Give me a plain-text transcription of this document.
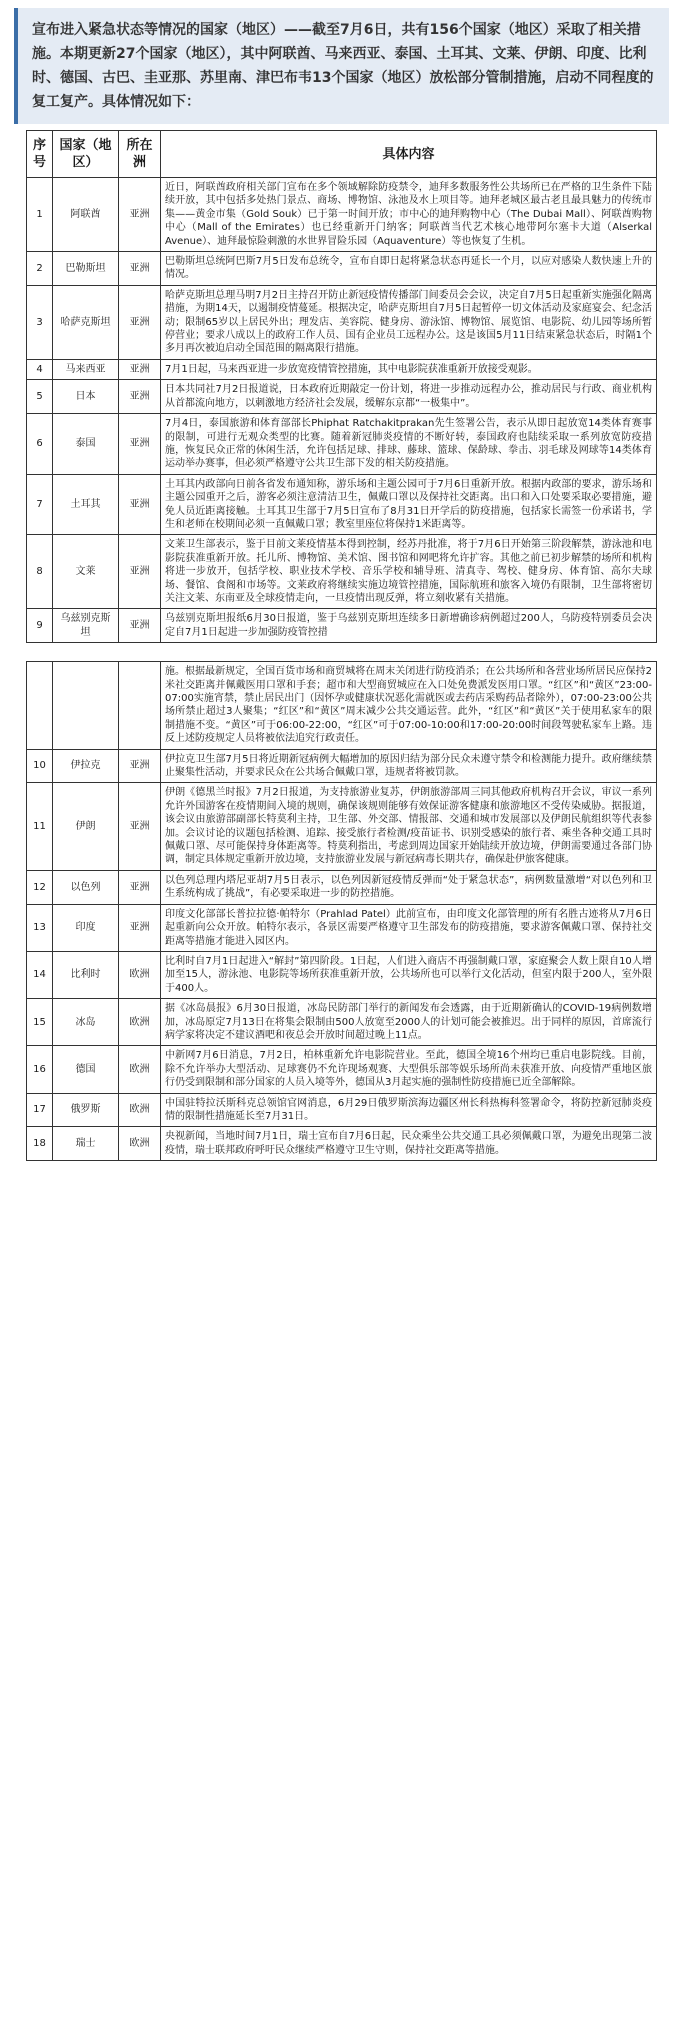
宣布进入紧急状态等情况的国家（地区）——截至7月6日，共有156个国家（地区）采取了相关措施。本期更新27个国家（地区），其中阿联酋、马来西亚、泰国、土耳其、文莱、伊朗、印度、比利时、德国、古巴、圭亚那、苏里南、津巴布韦13个国家（地区）放松部分管制措施，启动不同程度的复工复产。具体情况如下：
序号	国家（地区）	所在洲	具体内容
1	阿联酋	亚洲	近日，阿联酋政府相关部门宣布在多个领域解除防疫禁令，迪拜多数服务性公共场所已在严格的卫生条件下陆续开放，其中包括多处热门景点、商场、博物馆、泳池及水上项目等。迪拜老城区最古老且最具魅力的传统市集——黄金市集（Gold Souk）已于第一时间开放；市中心的迪拜购物中心（The Dubai Mall）、阿联酋购物中心（Mall of the Emirates）也已经重新开门纳客；阿联酋当代艺术核心地带阿尔塞卡大道（Alserkal Avenue）、迪拜最惊险刺激的水世界冒险乐园（Aquaventure）等也恢复了生机。
2	巴勒斯坦	亚洲	巴勒斯坦总统阿巴斯7月5日发布总统令，宣布自即日起将紧急状态再延长一个月，以应对感染人数快速上升的情况。
3	哈萨克斯坦	亚洲	哈萨克斯坦总理马明7月2日主持召开防止新冠疫情传播部门间委员会会议，决定自7月5日起重新实施强化隔离措施，为期14天，以遏制疫情蔓延。根据决定，哈萨克斯坦自7月5日起暂停一切文体活动及家庭宴会、纪念活动；限制65岁以上居民外出；理发店、美容院、健身房、游泳馆、博物馆、展览馆、电影院、幼儿园等场所暂停营业；要求八成以上的政府工作人员、国有企业员工远程办公。这是该国5月11日结束紧急状态后，时隔1个多月再次被迫启动全国范围的隔离限行措施。
4	马来西亚	亚洲	7月1日起，马来西亚进一步放宽疫情管控措施，其中电影院获准重新开放接受观影。
5	日本	亚洲	日本共同社7月2日报道说，日本政府近期敲定一份计划，将进一步推动远程办公，推动居民与行政、商业机构从首都流向地方，以刺激地方经济社会发展，缓解东京都“一极集中”。
6	泰国	亚洲	7月4日，泰国旅游和体育部部长Phiphat Ratchakitprakan先生签署公告，表示从即日起放宽14类体育赛事的限制，可进行无观众类型的比赛。随着新冠肺炎疫情的不断好转，泰国政府也陆续采取一系列放宽防疫措施，恢复民众正常的休闲生活，允许包括足球、排球、藤球、篮球、保龄球、拳击、羽毛球及网球等14类体育运动举办赛事，但必须严格遵守公共卫生部下发的相关防疫措施。
7	土耳其	亚洲	土耳其内政部向日前各省发布通知称，游乐场和主题公园可于7月6日重新开放。根据内政部的要求，游乐场和主题公园重开之后，游客必须注意清洁卫生，佩戴口罩以及保持社交距离。出口和入口处要采取必要措施，避免人员近距离接触。土耳其卫生部于7月5日宣布了8月31日开学后的防疫措施，包括家长需签一份承诺书，学生和老师在校期间必须一直佩戴口罩；教室里座位将保持1米距离等。
8	文莱	亚洲	文莱卫生部表示，鉴于目前文莱疫情基本得到控制，经苏丹批准，将于7月6日开始第三阶段解禁，游泳池和电影院获准重新开放。托儿所、博物馆、美术馆、图书馆和网吧将允许扩容。其他之前已初步解禁的场所和机构将进一步放开，包括学校、职业技术学校、音乐学校和辅导班、清真寺、驾校、健身房、体育馆、高尔夫球场、餐馆、食阁和市场等。文莱政府将继续实施边境管控措施，国际航班和旅客入境仍有限制，卫生部将密切关注文莱、东南亚及全球疫情走向，一旦疫情出现反弹，将立刻收紧有关措施。
9	乌兹别克斯坦	亚洲	乌兹别克斯坦报纸6月30日报道，鉴于乌兹别克斯坦连续多日新增确诊病例超过200人，乌防疫特别委员会决定自7月1日起进一步加强防疫管控措
			施。根据最新规定，全国百货市场和商贸城将在周末关闭进行防疫消杀；在公共场所和各营业场所居民应保持2米社交距离并佩戴医用口罩和手套；超市和大型商贸城应在入口处免费派发医用口罩。“红区”和“黄区”23:00-07:00实施宵禁，禁止居民出门（因怀孕或健康状况恶化需就医或去药店采购药品者除外），07:00-23:00公共场所禁止超过3人聚集；“红区”和“黄区”周末减少公共交通运营。此外，“红区”和“黄区”关于使用私家车的限制措施不变。“黄区”可于06:00-22:00，“红区”可于07:00-10:00和17:00-20:00时间段驾驶私家车上路。违反上述防疫规定人员将被依法追究行政责任。
10	伊拉克	亚洲	伊拉克卫生部7月5日将近期新冠病例大幅增加的原因归结为部分民众未遵守禁令和检测能力提升。政府继续禁止聚集性活动，并要求民众在公共场合佩戴口罩，违规者将被罚款。
11	伊朗	亚洲	伊朗《德黑兰时报》7月2日报道，为支持旅游业复苏，伊朗旅游部周三同其他政府机构召开会议，审议一系列允许外国游客在疫情期间入境的规则，确保该规则能够有效保证游客健康和旅游地区不受传染威胁。据报道，该会议由旅游部副部长特莫利主持，卫生部、外交部、情报部、交通和城市发展部以及伊朗民航组织等代表参加。会议讨论的议题包括检测、追踪、接受旅行者检测/疫苗证书、识别受感染的旅行者、乘坐各种交通工具时佩戴口罩、尽可能保持身体距离等。特莫利指出，考虑到周边国家开始陆续开放边境，伊朗需要通过各部门协调，制定具体规定重新开放边境，支持旅游业发展与新冠病毒长期共存，确保赴伊旅客健康。
12	以色列	亚洲	以色列总理内塔尼亚胡7月5日表示，以色列因新冠疫情反弹而“处于紧急状态”，病例数量激增“对以色列和卫生系统构成了挑战”，有必要采取进一步的防控措施。
13	印度	亚洲	印度文化部部长普拉拉德·帕特尔（Prahlad Patel）此前宣布，由印度文化部管理的所有名胜古迹将从7月6日起重新向公众开放。帕特尔表示，各景区需要严格遵守卫生部发布的防疫措施，要求游客佩戴口罩、保持社交距离等措施才能进入园区内。
14	比利时	欧洲	比利时自7月1日起进入“解封”第四阶段。1日起，人们进入商店不再强制戴口罩，家庭聚会人数上限自10人增加至15人，游泳池、电影院等场所获准重新开放，公共场所也可以举行文化活动，但室内限于200人，室外限于400人。
15	冰岛	欧洲	据《冰岛晨报》6月30日报道，冰岛民防部门举行的新闻发布会透露，由于近期新确认的COVID-19病例数增加，冰岛原定7月13日在将集会限制由500人放宽至2000人的计划可能会被推迟。出于同样的原因，首席流行病学家将决定不建议酒吧和夜总会开放时间超过晚上11点。
16	德国	欧洲	中新网7月6日消息，7月2日，柏林重新允许电影院营业。至此，德国全境16个州均已重启电影院线。目前，除不允许举办大型活动、足球赛仍不允许现场观赛、大型俱乐部等娱乐场所尚未获准开放、向疫情严重地区旅行仍受到限制和部分国家的人员入境等外，德国从3月起实施的强制性防疫措施已近全部解除。
17	俄罗斯	欧洲	中国驻特拉沃斯科克总领馆官网消息，6月29日俄罗斯滨海边疆区州长科热梅科签署命令，将防控新冠肺炎疫情的限制性措施延长至7月31日。
18	瑞士	欧洲	央视新闻，当地时间7月1日，瑞士宣布自7月6日起，民众乘坐公共交通工具必须佩戴口罩，为避免出现第二波疫情，瑞士联邦政府呼吁民众继续严格遵守卫生守则，保持社交距离等措施。
